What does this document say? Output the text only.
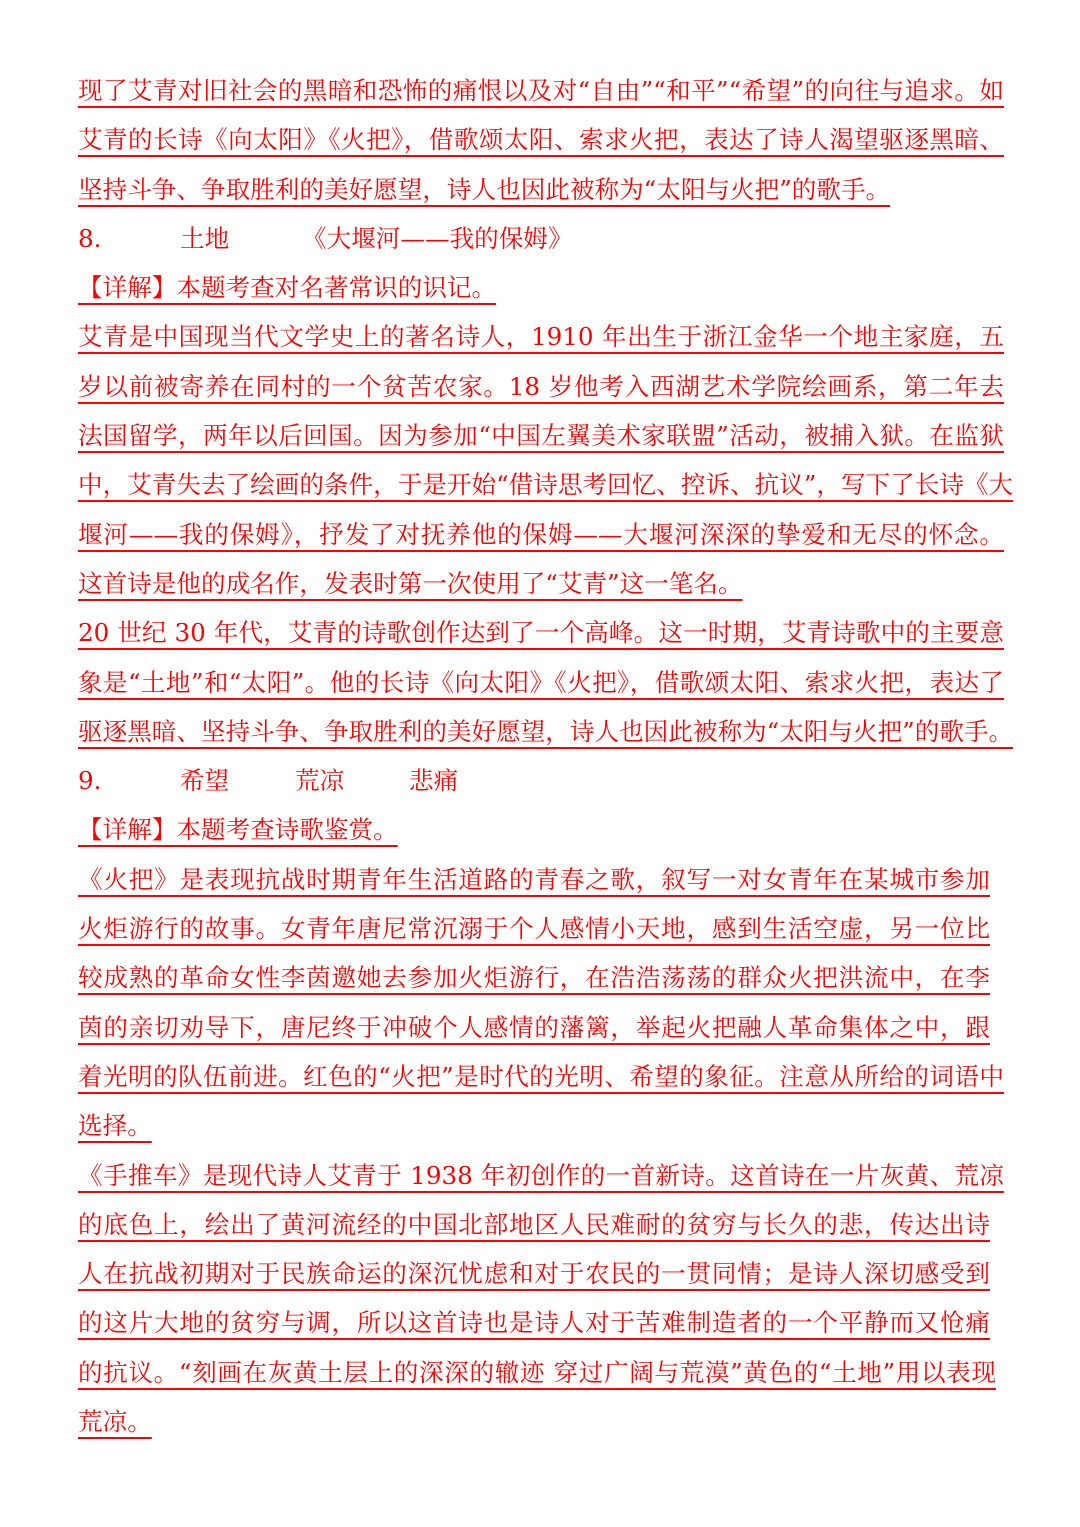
现了艾青对旧社会的黑暗和恐怖的痛恨以及对“自由”“和平”“希望”的向往与追求。如
艾青的长诗《向太阳》《火把》，借歌颂太阳、索求火把，表达了诗人渴望驱逐黑暗、
坚持斗争、争取胜利的美好愿望，诗人也因此被称为“太阳与火把”的歌手。
8.	土地	《大堰河——我的保姆》
【详解】本题考查对名著常识的识记。
艾青是中国现当代文学史上的著名诗人，1910 年出生于浙江金华一个地主家庭，五
岁以前被寄养在同村的一个贫苦农家。18 岁他考入西湖艺术学院绘画系，第二年去
法国留学，两年以后回国。因为参加“中国左翼美术家联盟”活动，被捕入狱。在监狱
中，艾青失去了绘画的条件，于是开始“借诗思考回忆、控诉、抗议”，写下了长诗《大
堰河——我的保姆》，抒发了对抚养他的保姆——大堰河深深的挚爱和无尽的怀念。
这首诗是他的成名作，发表时第一次使用了“艾青”这一笔名。
20 世纪 30 年代，艾青的诗歌创作达到了一个高峰。这一时期，艾青诗歌中的主要意
象是“土地”和“太阳”。他的长诗《向太阳》《火把》，借歌颂太阳、索求火把，表达了
驱逐黑暗、坚持斗争、争取胜利的美好愿望，诗人也因此被称为“太阳与火把”的歌手。
9.	希望	荒凉	悲痛
【详解】本题考查诗歌鉴赏。
《火把》是表现抗战时期青年生活道路的青春之歌，叙写一对女青年在某城市参加
火炬游行的故事。女青年唐尼常沉溺于个人感情小天地，感到生活空虚，另一位比
较成熟的革命女性李茵邀她去参加火炬游行，在浩浩荡荡的群众火把洪流中，在李
茵的亲切劝导下，唐尼终于冲破个人感情的藩篱，举起火把融人革命集体之中，跟
着光明的队伍前进。红色的“火把”是时代的光明、希望的象征。注意从所给的词语中
选择。
《手推车》是现代诗人艾青于 1938 年初创作的一首新诗。这首诗在一片灰黄、荒凉
的底色上，绘出了黄河流经的中国北部地区人民难耐的贫穷与长久的悲，传达出诗
人在抗战初期对于民族命运的深沉忧虑和对于农民的一贯同情；是诗人深切感受到
的这片大地的贫穷与调，所以这首诗也是诗人对于苦难制造者的一个平静而又怆痛
的抗议。“刻画在灰黄土层上的深深的辙迹 穿过广阔与荒漠”黄色的“土地”用以表现
荒凉。
